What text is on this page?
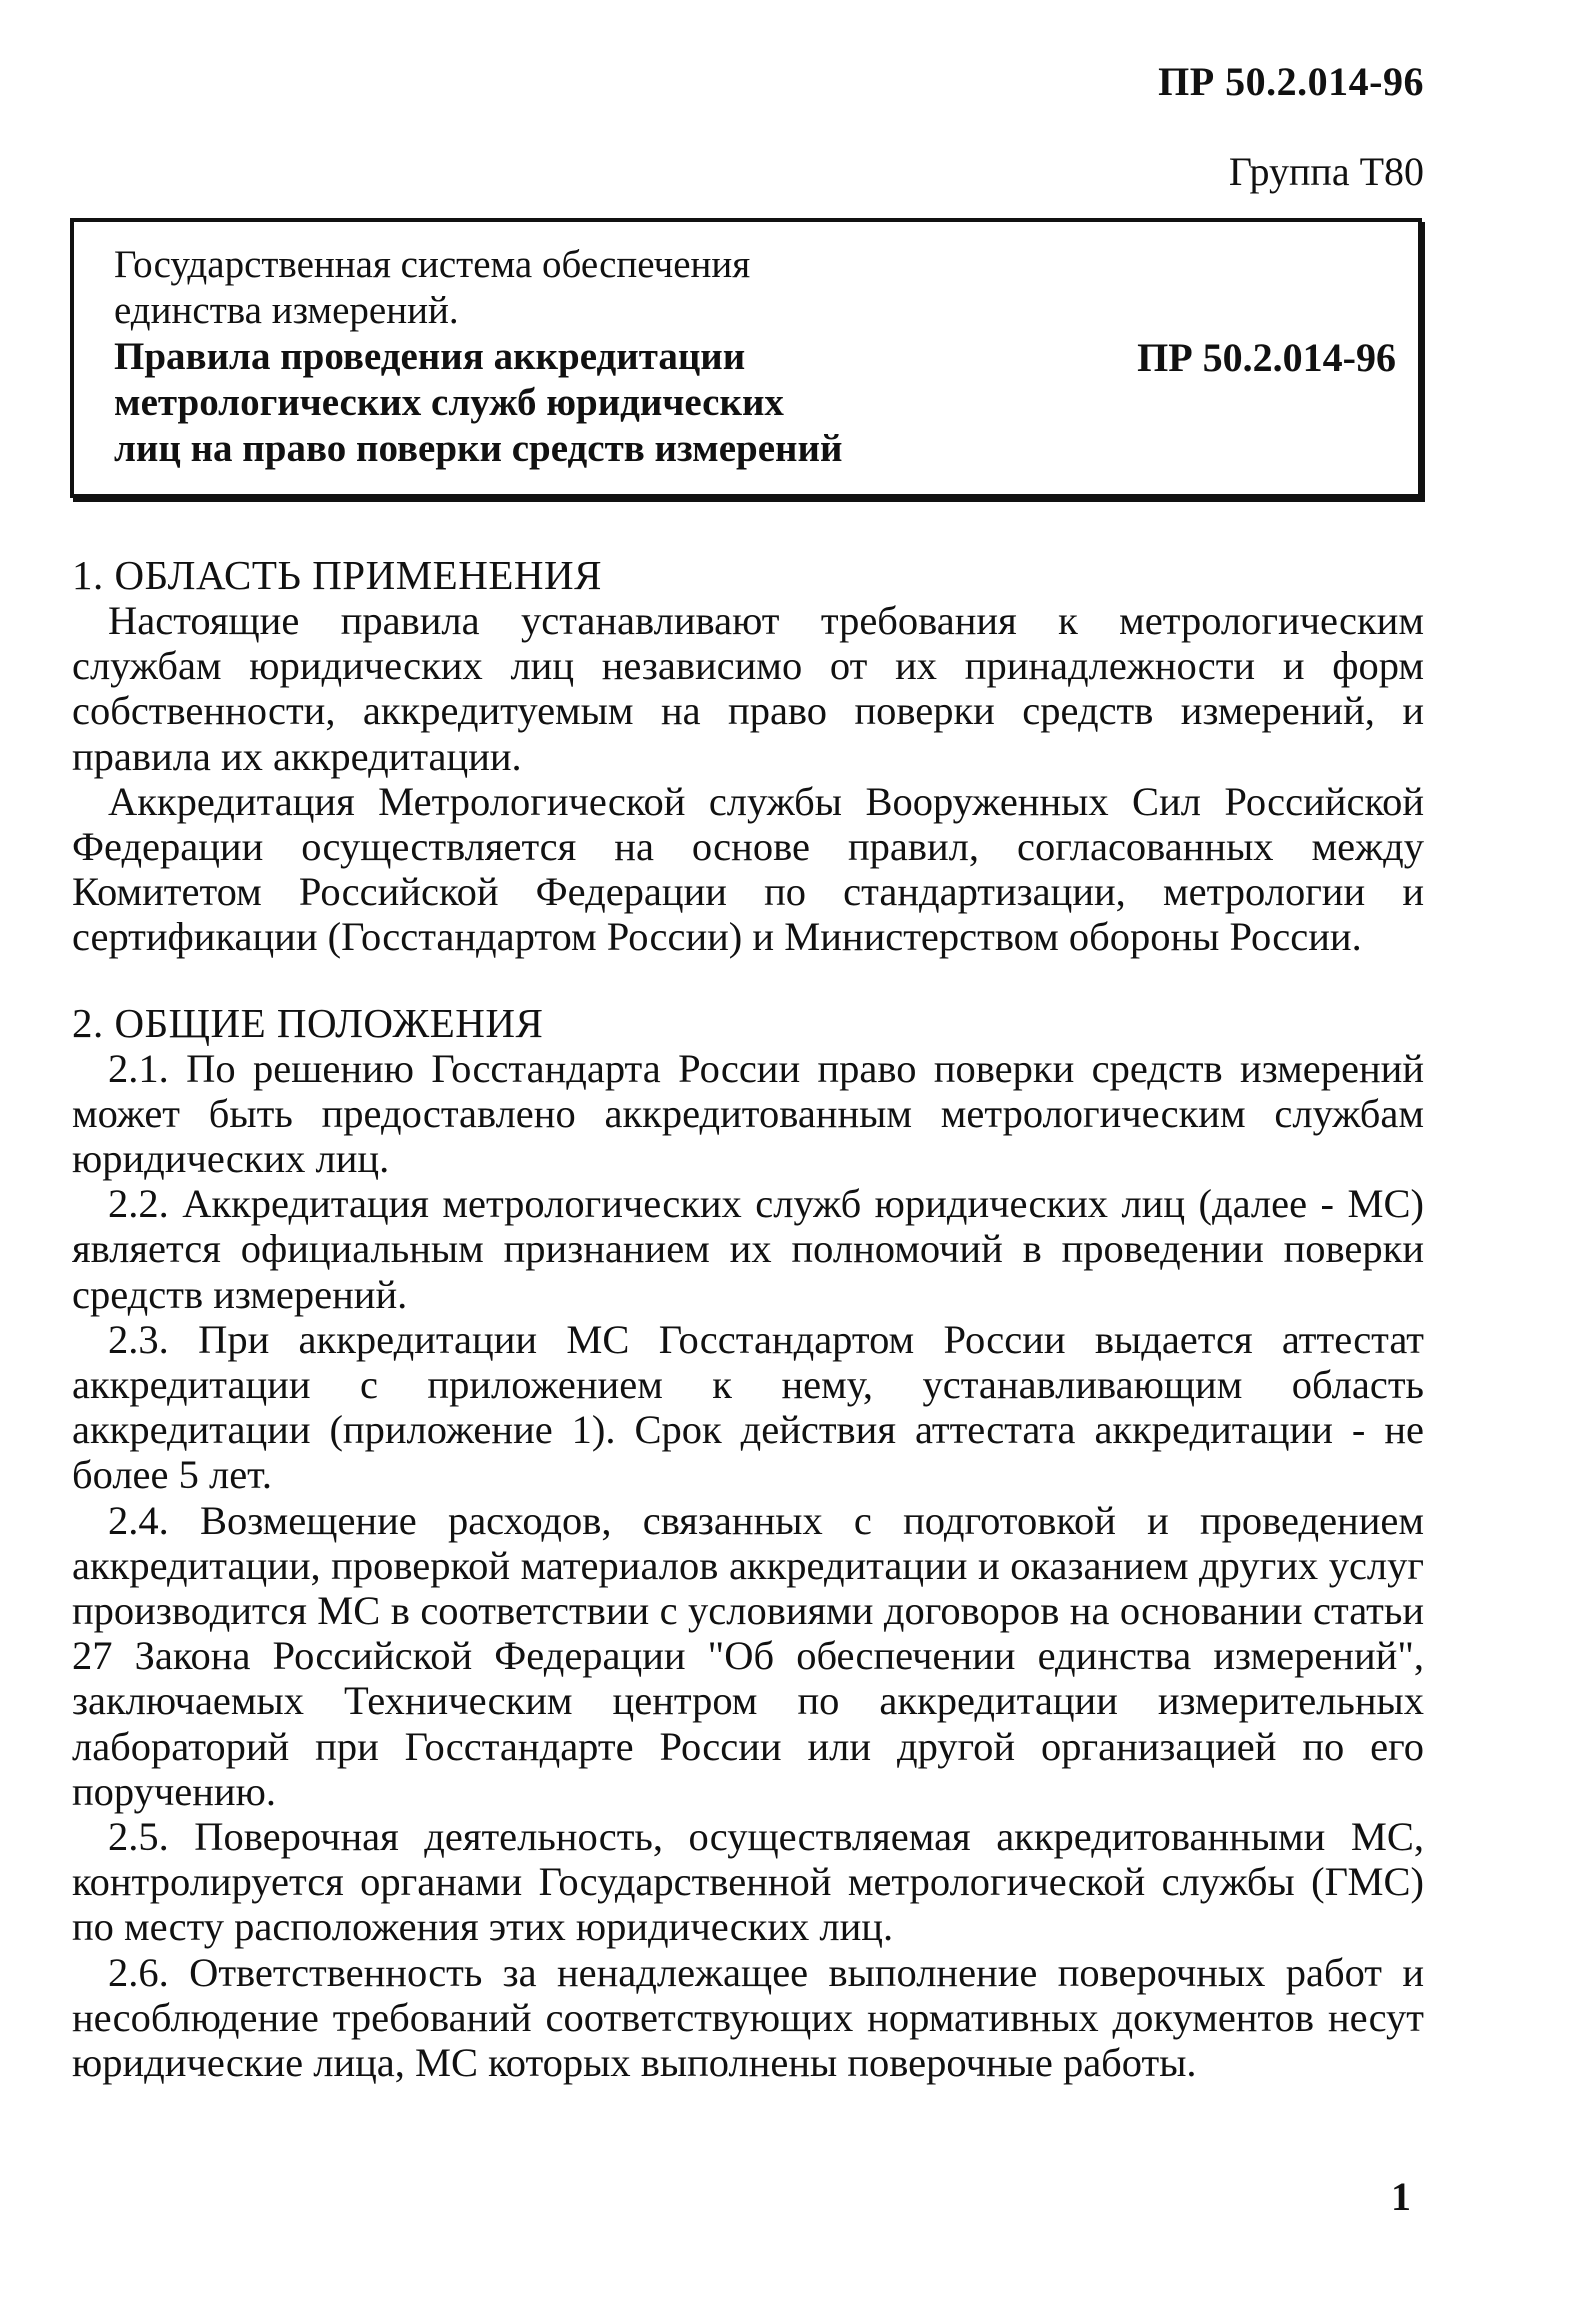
ПР 50.2.014-96
Группа Т80
Государственная система обеспечения
единства измерений.
Правила проведения аккредитации
метрологических служб юридических
лиц на право поверки средств измерений
ПР 50.2.014-96
1. ОБЛАСТЬ ПРИМЕНЕНИЯ

Настоящие правила устанавливают требования к метрологическим службам юридических лиц независимо от их принадлежности и форм собственности, аккредитуемым на право поверки средств измерений, и правила их аккредитации.

Аккредитация Метрологической службы Вооруженных Сил Российской Федерации осуществляется на основе правил, согласованных между Комитетом Российской Федерации по стандартизации, метрологии и сертификации (Госстандартом России) и Министерством обороны России.

2. ОБЩИЕ ПОЛОЖЕНИЯ

2.1. По решению Госстандарта России право поверки средств измерений может быть предоставлено аккредитованным метрологическим службам юридических лиц.

2.2. Аккредитация метрологических служб юридических лиц (далее - МС) является официальным признанием их полномочий в проведении поверки средств измерений.

2.3. При аккредитации МС Госстандартом России выдается аттестат аккредитации с приложением к нему, устанавливающим область аккредитации (приложение 1). Срок действия аттестата аккредитации - не более 5 лет.

2.4. Возмещение расходов, связанных с подготовкой и проведением аккредитации, проверкой материалов аккредитации и оказанием других услуг производится МС в соответствии с условиями договоров на основании статьи 27 Закона Российской Федерации "Об обеспечении единства измерений", заключаемых Техническим центром по аккредитации измерительных лабораторий при Госстандарте России или другой организацией по его поручению.

2.5. Поверочная деятельность, осуществляемая аккредитованными МС, контролируется органами Государственной метрологической службы (ГМС) по месту расположения этих юридических лиц.

2.6. Ответственность за ненадлежащее выполнение поверочных работ и несоблюдение требований соответствующих нормативных документов несут юридические лица, МС которых выполнены поверочные работы.

1
